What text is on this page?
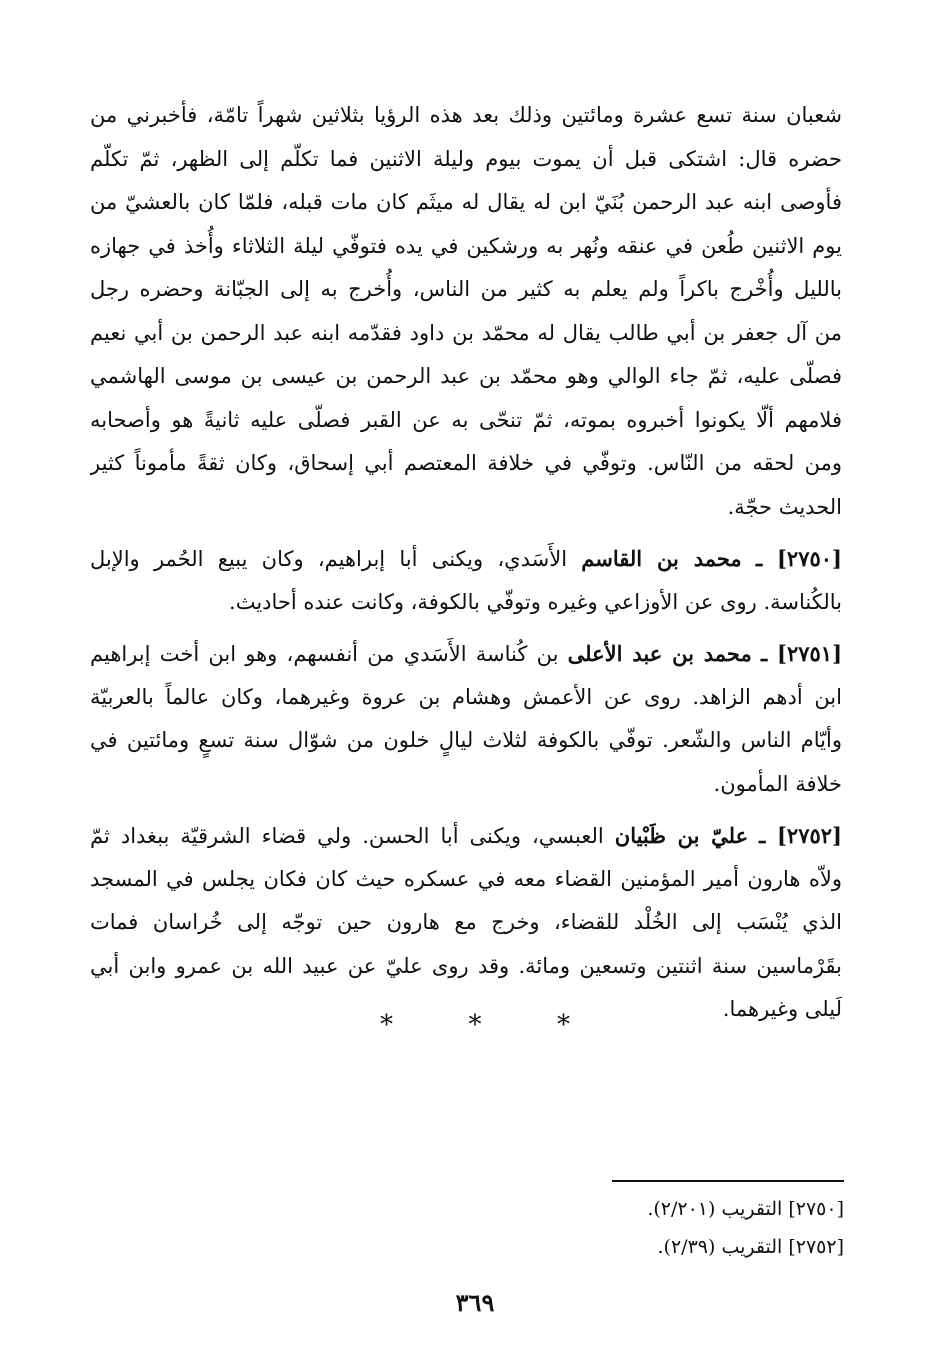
شعبان سنة تسع عشرة ومائتين وذلك بعد هذه الرؤيا بثلاثين شهراً تامّة، فأخبرني من
حضره قال: اشتكى قبل أن يموت بيوم وليلة الاثنين فما تكلّم إلى الظهر، ثمّ تكلّم
فأوصى ابنه عبد الرحمن بُنَيّ ابن له يقال له ميثَم كان مات قبله، فلمّا كان بالعشيّ من
يوم الاثنين طُعن في عنقه ونُهر به ورشكين في يده فتوفّي ليلة الثلاثاء وأُخذ في جهازه
بالليل وأُخْرج باكراً ولم يعلم به كثير من الناس، وأُخرج به إلى الجبّانة وحضره رجل
من آل جعفر بن أبي طالب يقال له محمّد بن داود فقدّمه ابنه عبد الرحمن بن أبي نعيم
فصلّى عليه، ثمّ جاء الوالي وهو محمّد بن عبد الرحمن بن عيسى بن موسى الهاشمي
فلامهم ألّا يكونوا أخبروه بموته، ثمّ تنحّى به عن القبر فصلّى عليه ثانيةً هو وأصحابه
ومن لحقه من النّاس. وتوفّي في خلافة المعتصم أبي إسحاق، وكان ثقةً مأموناً كثير
الحديث حجّة.
[٢٧٥٠] ـ محمد بن القاسم الأَسَدي، ويكنى أبا إبراهيم، وكان يبيع الحُمر والإبل
بالكُناسة. روى عن الأوزاعي وغيره وتوفّي بالكوفة، وكانت عنده أحاديث.
[٢٧٥١] ـ محمد بن عبد الأعلى بن كُناسة الأَسَدي من أنفسهم، وهو ابن أخت إبراهيم
ابن أدهم الزاهد. روى عن الأعمش وهشام بن عروة وغيرهما، وكان عالماً بالعربيّة
وأيّام الناس والشّعر. توفّي بالكوفة لثلاث ليالٍ خلون من شوّال سنة تسعٍ ومائتين في
خلافة المأمون.
[٢٧٥٢] ـ عليّ بن ظَبْيان العبسي، ويكنى أبا الحسن. ولي قضاء الشرقيّة ببغداد ثمّ
ولاّه هارون أمير المؤمنين القضاء معه في عسكره حيث كان فكان يجلس في المسجد
الذي يُنْسَب إلى الخُلْد للقضاء، وخرج مع هارون حين توجّه إلى خُراسان فمات
بقَرْماسين سنة اثنتين وتسعين ومائة. وقد روى عليّ عن عبيد الله بن عمرو وابن أبي
لَيلى وغيرهما.
*	*	*
[٢٧٥٠] التقريب (٢/٢٠١).
[٢٧٥٢] التقريب (٢/٣٩).
٣٦٩
